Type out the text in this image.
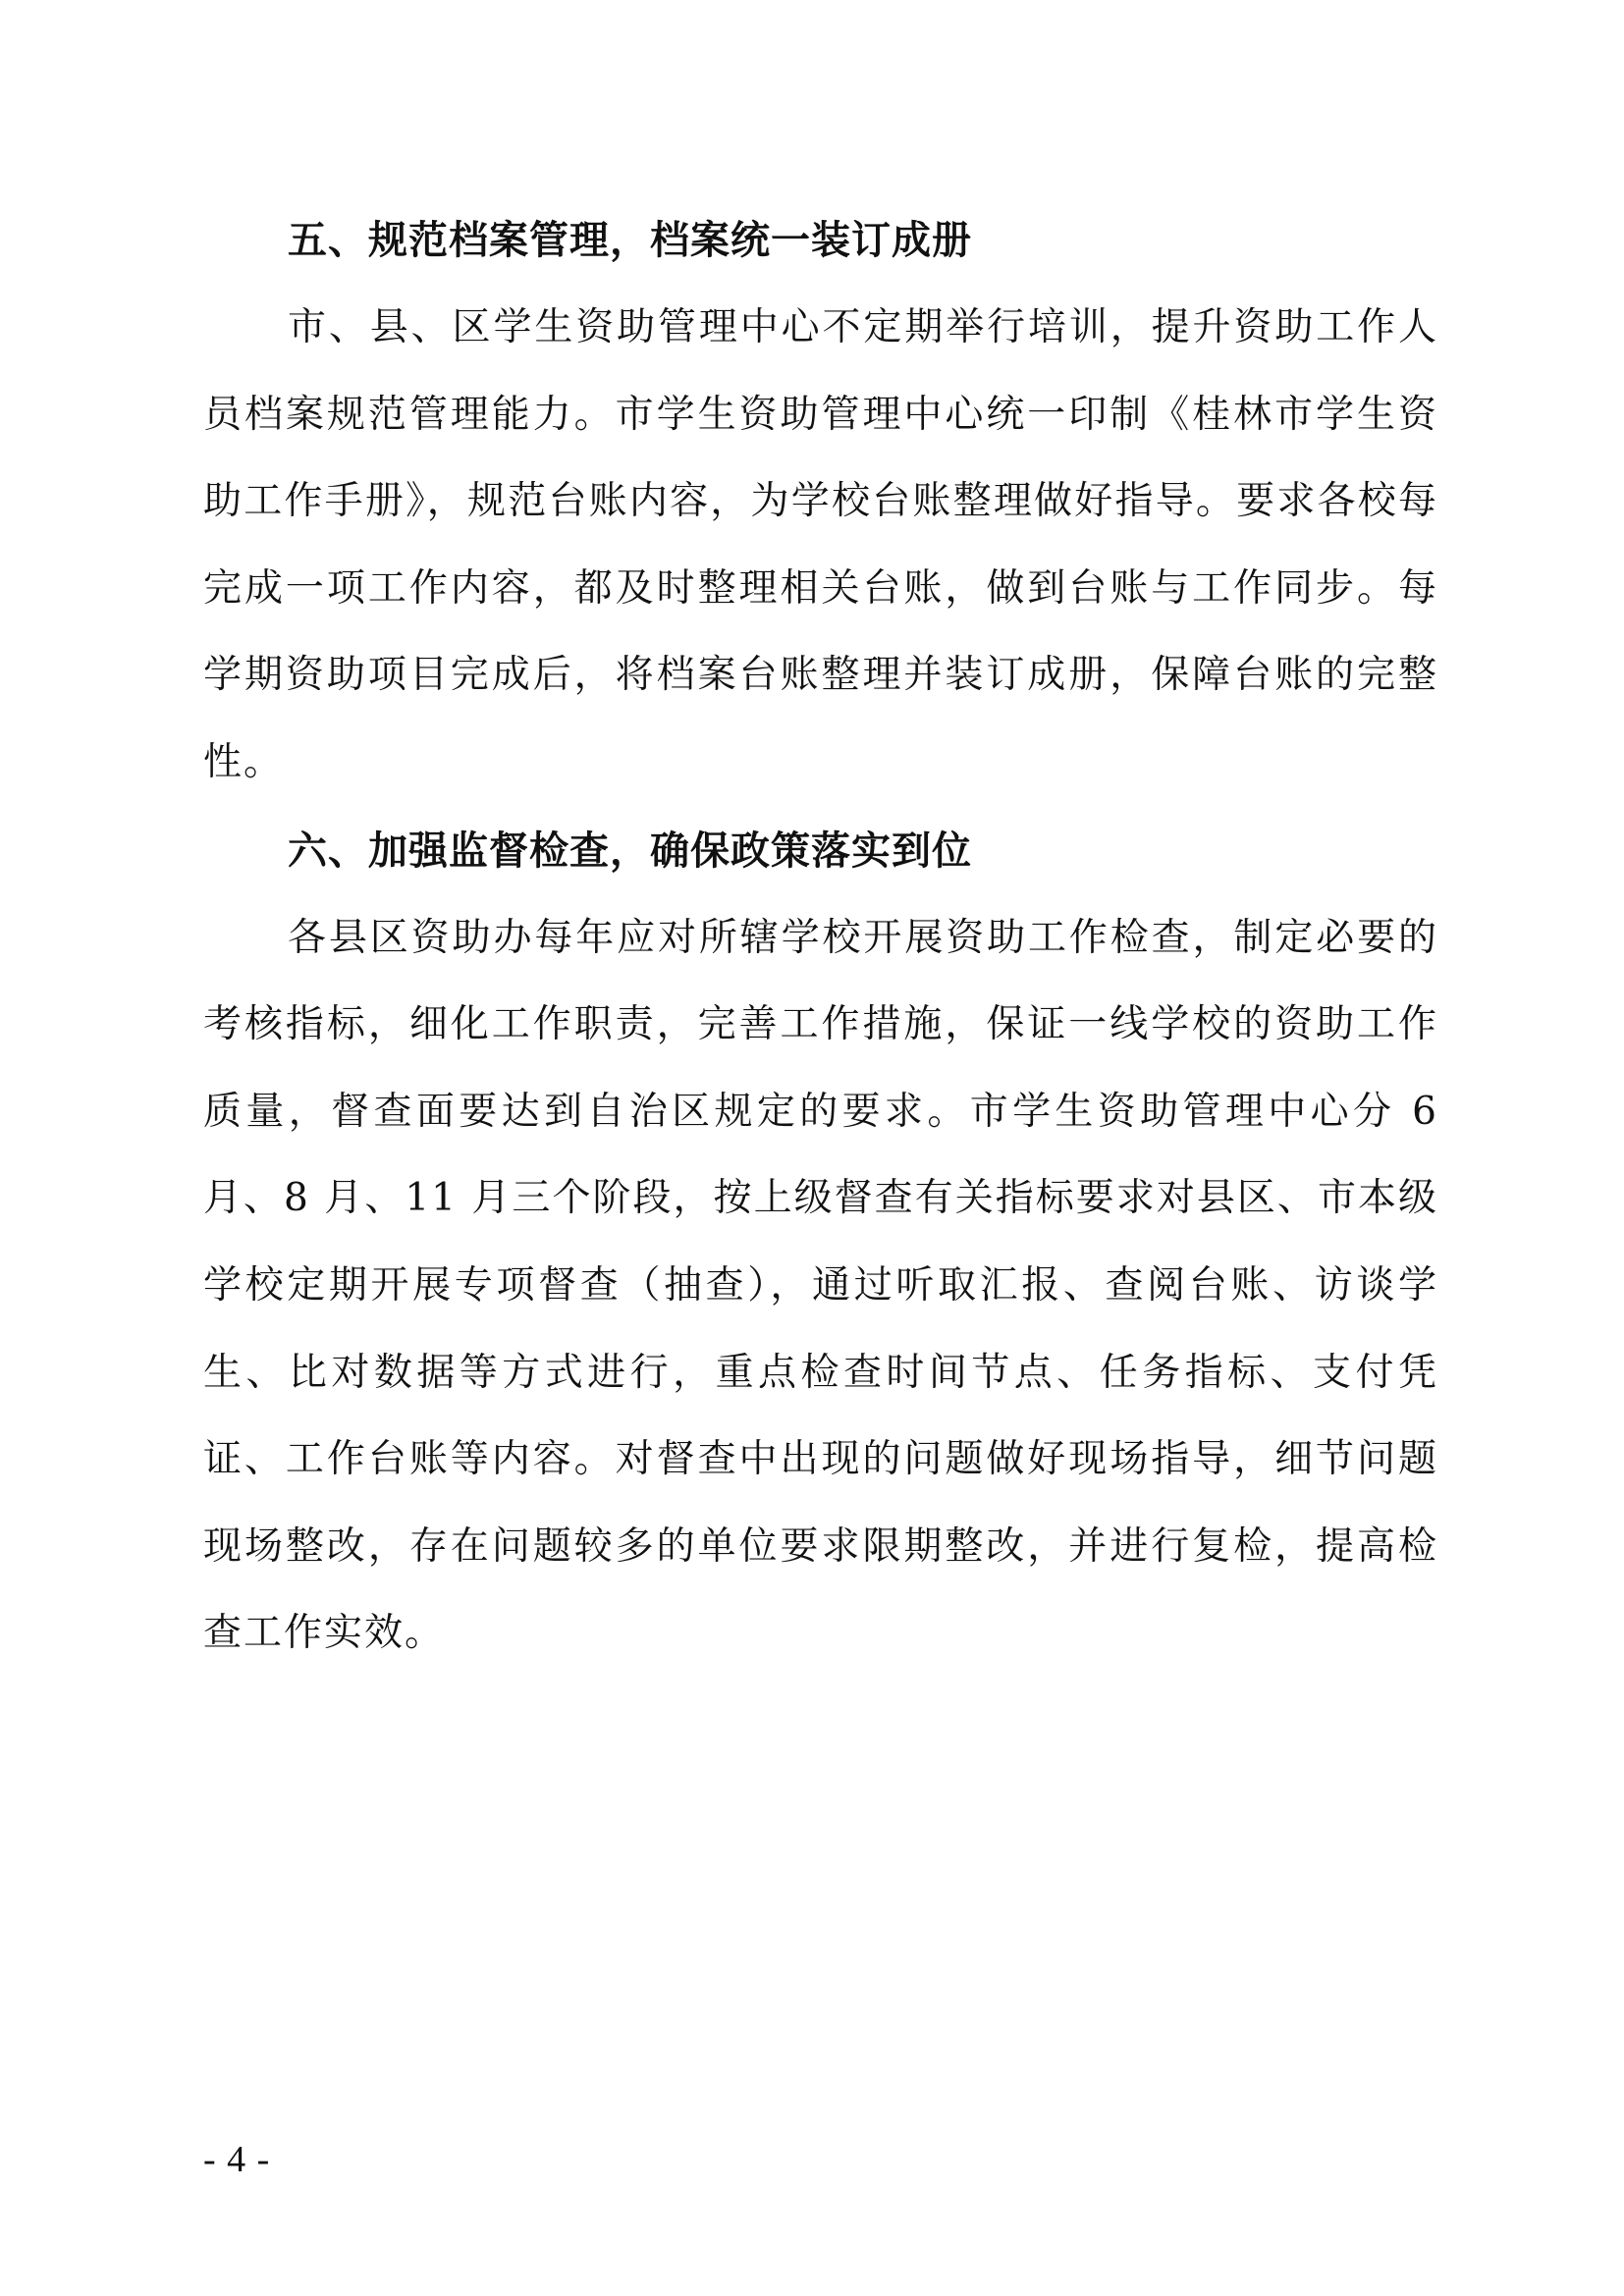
五、规范档案管理，档案统一装订成册

市、县、区学生资助管理中心不定期举行培训，提升资助工作人员档案规范管理能力。市学生资助管理中心统一印制《桂林市学生资助工作手册》，规范台账内容，为学校台账整理做好指导。要求各校每完成一项工作内容，都及时整理相关台账，做到台账与工作同步。每学期资助项目完成后，将档案台账整理并装订成册，保障台账的完整性。

六、加强监督检查，确保政策落实到位

各县区资助办每年应对所辖学校开展资助工作检查，制定必要的考核指标，细化工作职责，完善工作措施，保证一线学校的资助工作质量，督查面要达到自治区规定的要求。市学生资助管理中心分 6 月、8 月、11 月三个阶段，按上级督查有关指标要求对县区、市本级学校定期开展专项督查（抽查），通过听取汇报、查阅台账、访谈学生、比对数据等方式进行，重点检查时间节点、任务指标、支付凭证、工作台账等内容。对督查中出现的问题做好现场指导，细节问题现场整改，存在问题较多的单位要求限期整改，并进行复检，提高检查工作实效。

- 4 -
